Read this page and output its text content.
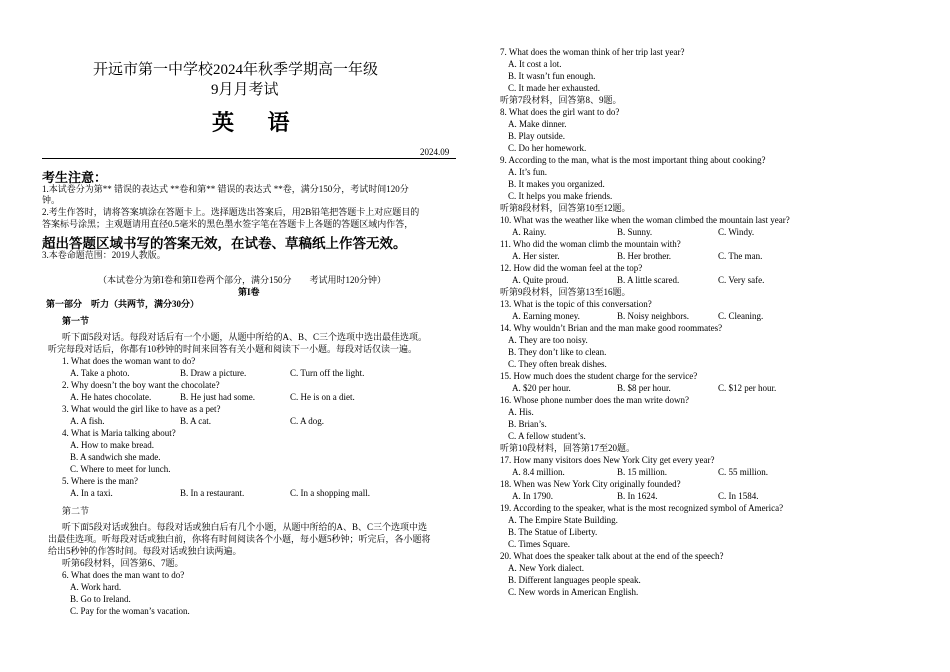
开远市第一中学校2024年秋季学期高一年级
9月月考试
英 语
2024.09
考生注意：
1.本试卷分为第** 错误的表达式 **卷和第** 错误的表达式 **卷，满分150分，考试时间120分
钟。
2.考生作答时，请将答案填涂在答题卡上。选择题选出答案后，用2B铅笔把答题卡上对应题目的
答案标号涂黑；主观题请用直径0.5毫米的黑色墨水签字笔在答题卡上各题的答题区域内作答，
超出答题区域书写的答案无效，在试卷、草稿纸上作答无效。
3.本卷命题范围：2019人教版。
（本试卷分为第I卷和第II卷两个部分，满分150分　　考试用时120分钟）
第I卷
第一部分　听力（共两节，满分30分）
第一节
听下面5段对话。每段对话后有一个小题，从题中所给的A、B、C三个选项中选出最佳选项。
听完每段对话后，你都有10秒钟的时间来回答有关小题和阅读下一小题。每段对话仅读一遍。
1. What does the woman want to do?
A. Take a photo.	B. Draw a picture.	C. Turn off the light.
2. Why doesn’t the boy want the chocolate?
A. He hates chocolate.	B. He just had some.	C. He is on a diet.
3. What would the girl like to have as a pet?
A. A fish.	B. A cat.	C. A dog.
4. What is Maria talking about?
A. How to make bread.
B. A sandwich she made.
C. Where to meet for lunch.
5. Where is the man?
A. In a taxi.	B. In a restaurant.	C. In a shopping mall.
6. What does the man want to do?
A. Work hard.
B. Go to Ireland.
C. Pay for the woman’s vacation.
第二节
听下面5段对话或独白。每段对话或独白后有几个小题，从题中所给的A、B、C三个选项中选
出最佳选项。听每段对话或独白前，你将有时间阅读各个小题，每小题5秒钟；听完后，各小题将
给出5秒钟的作答时间。每段对话或独白读两遍。
听第6段材料，回答第6、7题。
7. What does the woman think of her trip last year?
A. It cost a lot.
B. It wasn’t fun enough.
C. It made her exhausted.
听第7段材料，回答第8、9题。
8. What does the girl want to do?
A. Make dinner.
B. Play outside.
C. Do her homework.
9. According to the man, what is the most important thing about cooking?
A. It’s fun.
B. It makes you organized.
C. It helps you make friends.
听第8段材料，回答第10至12题。
10. What was the weather like when the woman climbed the mountain last year?
A. Rainy.	B. Sunny.	C. Windy.
11. Who did the woman climb the mountain with?
A. Her sister.	B. Her brother.	C. The man.
12. How did the woman feel at the top?
A. Quite proud.	B. A little scared.	C. Very safe.
听第9段材料，回答第13至16题。
13. What is the topic of this conversation?
A. Earning money.	B. Noisy neighbors.	C. Cleaning.
14. Why wouldn’t Brian and the man make good roommates?
A. They are too noisy.
B. They don’t like to clean.
C. They often break dishes.
15. How much does the student charge for the service?
A. $20 per hour.	B. $8 per hour.	C. $12 per hour.
16. Whose phone number does the man write down?
A. His.
B. Brian’s.
C. A fellow student’s.
听第10段材料，回答第17至20题。
17. How many visitors does New York City get every year?
A. 8.4 million.	B. 15 million.	C. 55 million.
18. When was New York City originally founded?
A. In 1790.	B. In 1624.	C. In 1584.
19. According to the speaker, what is the most recognized symbol of America?
A. The Empire State Building.
B. The Statue of Liberty.
C. Times Square.
20. What does the speaker talk about at the end of the speech?
A. New York dialect.
B. Different languages people speak.
C. New words in American English.
